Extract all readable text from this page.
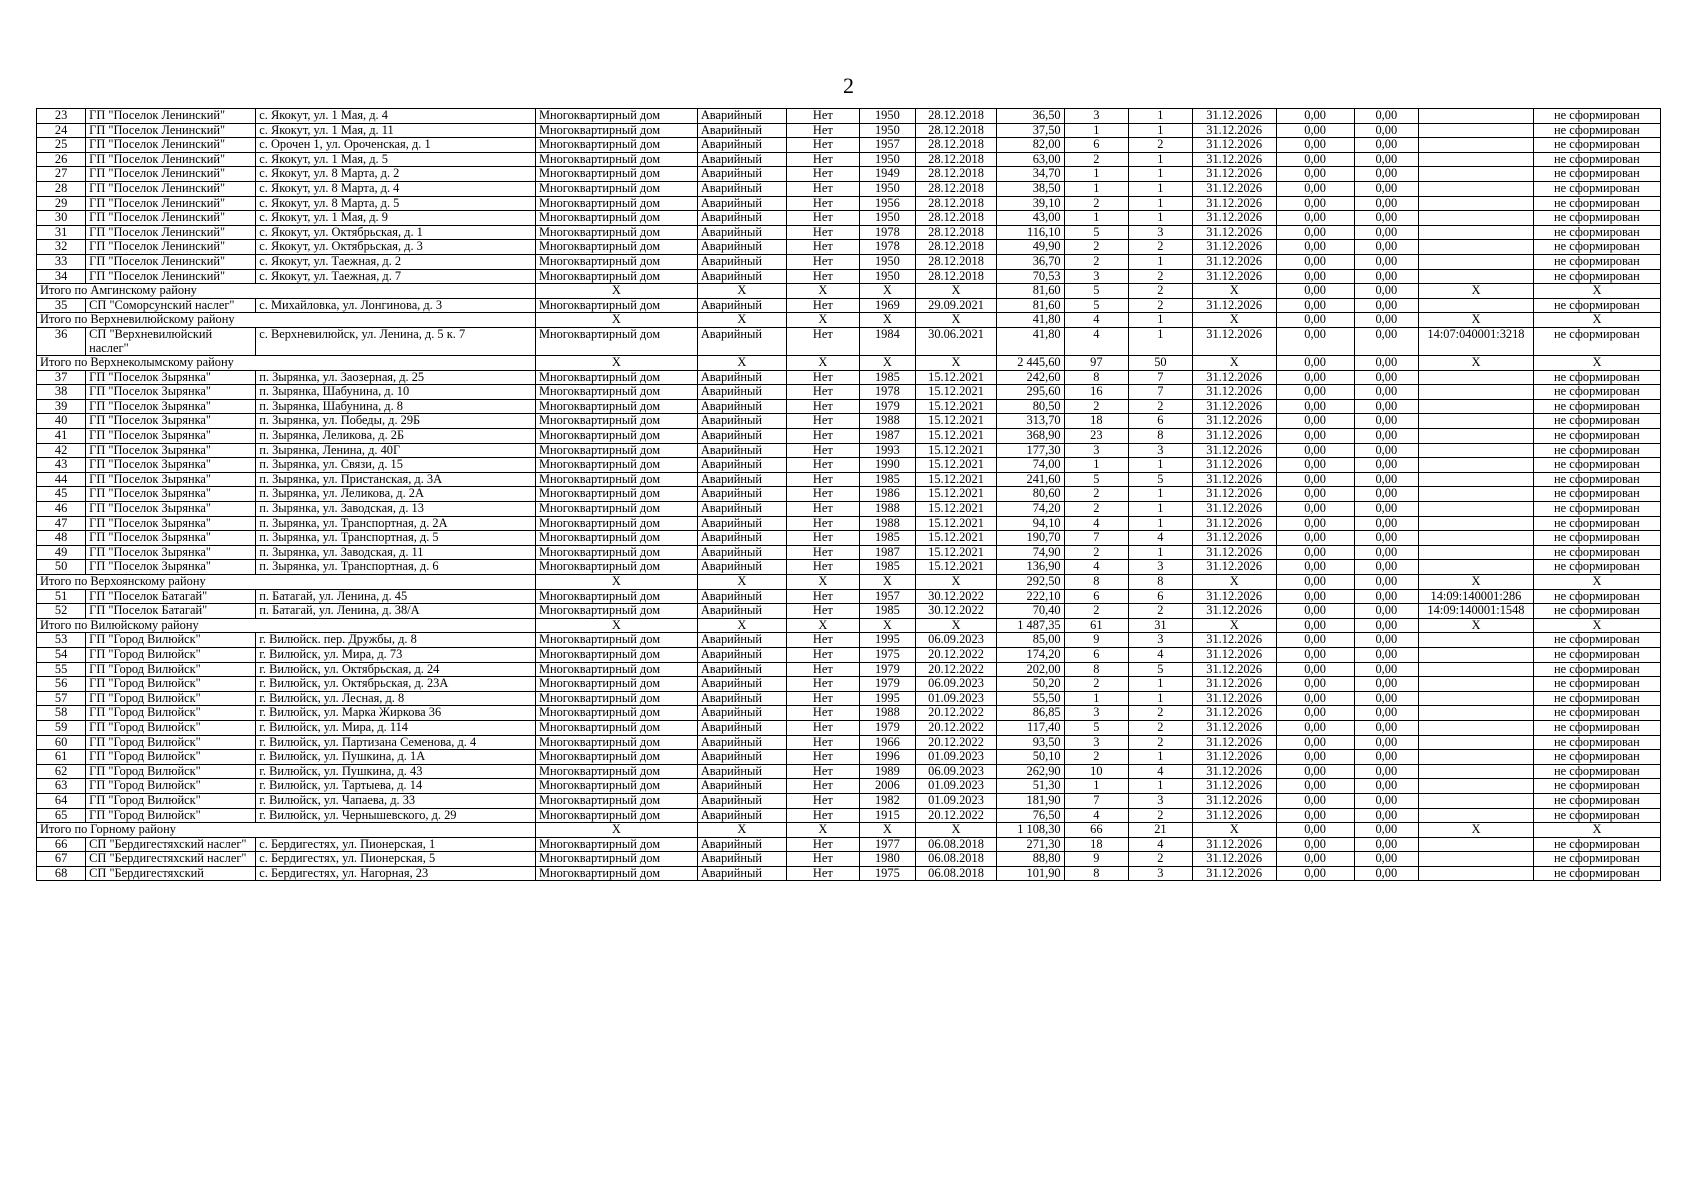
2
23	ГП "Поселок Ленинский"	с. Якокут, ул. 1 Мая, д. 4	Многоквартирный дом	Аварийный	Нет	1950	28.12.2018	36,50	3	1	31.12.2026	0,00	0,00		не сформирован
24	ГП "Поселок Ленинский"	с. Якокут, ул. 1 Мая, д. 11	Многоквартирный дом	Аварийный	Нет	1950	28.12.2018	37,50	1	1	31.12.2026	0,00	0,00		не сформирован
25	ГП "Поселок Ленинский"	с. Орочен 1, ул. Ороченская, д. 1	Многоквартирный дом	Аварийный	Нет	1957	28.12.2018	82,00	6	2	31.12.2026	0,00	0,00		не сформирован
26	ГП "Поселок Ленинский"	с. Якокут, ул. 1 Мая, д. 5	Многоквартирный дом	Аварийный	Нет	1950	28.12.2018	63,00	2	1	31.12.2026	0,00	0,00		не сформирован
27	ГП "Поселок Ленинский"	с. Якокут, ул. 8 Марта, д. 2	Многоквартирный дом	Аварийный	Нет	1949	28.12.2018	34,70	1	1	31.12.2026	0,00	0,00		не сформирован
28	ГП "Поселок Ленинский"	с. Якокут, ул. 8 Марта, д. 4	Многоквартирный дом	Аварийный	Нет	1950	28.12.2018	38,50	1	1	31.12.2026	0,00	0,00		не сформирован
29	ГП "Поселок Ленинский"	с. Якокут, ул. 8 Марта, д. 5	Многоквартирный дом	Аварийный	Нет	1956	28.12.2018	39,10	2	1	31.12.2026	0,00	0,00		не сформирован
30	ГП "Поселок Ленинский"	с. Якокут, ул. 1 Мая, д. 9	Многоквартирный дом	Аварийный	Нет	1950	28.12.2018	43,00	1	1	31.12.2026	0,00	0,00		не сформирован
31	ГП "Поселок Ленинский"	с. Якокут, ул. Октябрьская, д. 1	Многоквартирный дом	Аварийный	Нет	1978	28.12.2018	116,10	5	3	31.12.2026	0,00	0,00		не сформирован
32	ГП "Поселок Ленинский"	с. Якокут, ул. Октябрьская, д. 3	Многоквартирный дом	Аварийный	Нет	1978	28.12.2018	49,90	2	2	31.12.2026	0,00	0,00		не сформирован
33	ГП "Поселок Ленинский"	с. Якокут, ул. Таежная, д. 2	Многоквартирный дом	Аварийный	Нет	1950	28.12.2018	36,70	2	1	31.12.2026	0,00	0,00		не сформирован
34	ГП "Поселок Ленинский"	с. Якокут, ул. Таежная, д. 7	Многоквартирный дом	Аварийный	Нет	1950	28.12.2018	70,53	3	2	31.12.2026	0,00	0,00		не сформирован
Итого по Амгинскому району			X	X	X	X	X	81,60	5	2	X	0,00	0,00	X	X
35	СП "Соморсунский наслег"	с. Михайловка, ул. Лонгинова, д. 3	Многоквартирный дом	Аварийный	Нет	1969	29.09.2021	81,60	5	2	31.12.2026	0,00	0,00		не сформирован
Итого по Верхневилюйскому району			X	X	X	X	X	41,80	4	1	X	0,00	0,00	X	X
36	СП "Верхневилюйский наслег"	с. Верхневилюйск, ул. Ленина, д. 5 к. 7	Многоквартирный дом	Аварийный	Нет	1984	30.06.2021	41,80	4	1	31.12.2026	0,00	0,00	14:07:040001:3218	не сформирован
Итого по Верхнеколымскому району			X	X	X	X	X	2 445,60	97	50	X	0,00	0,00	X	X
37	ГП "Поселок Зырянка"	п. Зырянка, ул. Заозерная, д. 25	Многоквартирный дом	Аварийный	Нет	1985	15.12.2021	242,60	8	7	31.12.2026	0,00	0,00		не сформирован
38	ГП "Поселок Зырянка"	п. Зырянка, Шабунина, д. 10	Многоквартирный дом	Аварийный	Нет	1978	15.12.2021	295,60	16	7	31.12.2026	0,00	0,00		не сформирован
39	ГП "Поселок Зырянка"	п. Зырянка, Шабунина, д. 8	Многоквартирный дом	Аварийный	Нет	1979	15.12.2021	80,50	2	2	31.12.2026	0,00	0,00		не сформирован
40	ГП "Поселок Зырянка"	п. Зырянка, ул. Победы, д. 29Б	Многоквартирный дом	Аварийный	Нет	1988	15.12.2021	313,70	18	6	31.12.2026	0,00	0,00		не сформирован
41	ГП "Поселок Зырянка"	п. Зырянка, Леликова, д. 2Б	Многоквартирный дом	Аварийный	Нет	1987	15.12.2021	368,90	23	8	31.12.2026	0,00	0,00		не сформирован
42	ГП "Поселок Зырянка"	п. Зырянка, Ленина, д. 40Г	Многоквартирный дом	Аварийный	Нет	1993	15.12.2021	177,30	3	3	31.12.2026	0,00	0,00		не сформирован
43	ГП "Поселок Зырянка"	п. Зырянка, ул. Связи, д. 15	Многоквартирный дом	Аварийный	Нет	1990	15.12.2021	74,00	1	1	31.12.2026	0,00	0,00		не сформирован
44	ГП "Поселок Зырянка"	п. Зырянка, ул. Пристанская, д. 3А	Многоквартирный дом	Аварийный	Нет	1985	15.12.2021	241,60	5	5	31.12.2026	0,00	0,00		не сформирован
45	ГП "Поселок Зырянка"	п. Зырянка, ул. Леликова, д. 2А	Многоквартирный дом	Аварийный	Нет	1986	15.12.2021	80,60	2	1	31.12.2026	0,00	0,00		не сформирован
46	ГП "Поселок Зырянка"	п. Зырянка, ул. Заводская, д. 13	Многоквартирный дом	Аварийный	Нет	1988	15.12.2021	74,20	2	1	31.12.2026	0,00	0,00		не сформирован
47	ГП "Поселок Зырянка"	п. Зырянка, ул. Транспортная, д. 2А	Многоквартирный дом	Аварийный	Нет	1988	15.12.2021	94,10	4	1	31.12.2026	0,00	0,00		не сформирован
48	ГП "Поселок Зырянка"	п. Зырянка, ул. Транспортная, д. 5	Многоквартирный дом	Аварийный	Нет	1985	15.12.2021	190,70	7	4	31.12.2026	0,00	0,00		не сформирован
49	ГП "Поселок Зырянка"	п. Зырянка, ул. Заводская, д. 11	Многоквартирный дом	Аварийный	Нет	1987	15.12.2021	74,90	2	1	31.12.2026	0,00	0,00		не сформирован
50	ГП "Поселок Зырянка"	п. Зырянка, ул. Транспортная, д. 6	Многоквартирный дом	Аварийный	Нет	1985	15.12.2021	136,90	4	3	31.12.2026	0,00	0,00		не сформирован
Итого по Верхоянскому району			X	X	X	X	X	292,50	8	8	X	0,00	0,00	X	X
51	ГП "Поселок Батагай"	п. Батагай, ул. Ленина, д. 45	Многоквартирный дом	Аварийный	Нет	1957	30.12.2022	222,10	6	6	31.12.2026	0,00	0,00	14:09:140001:286	не сформирован
52	ГП "Поселок Батагай"	п. Батагай, ул. Ленина, д. 38/А	Многоквартирный дом	Аварийный	Нет	1985	30.12.2022	70,40	2	2	31.12.2026	0,00	0,00	14:09:140001:1548	не сформирован
Итого по Вилюйскому району			X	X	X	X	X	1 487,35	61	31	X	0,00	0,00	X	X
53	ГП "Город Вилюйск"	г. Вилюйск. пер. Дружбы, д. 8	Многоквартирный дом	Аварийный	Нет	1995	06.09.2023	85,00	9	3	31.12.2026	0,00	0,00		не сформирован
54	ГП "Город Вилюйск"	г. Вилюйск, ул. Мира, д. 73	Многоквартирный дом	Аварийный	Нет	1975	20.12.2022	174,20	6	4	31.12.2026	0,00	0,00		не сформирован
55	ГП "Город Вилюйск"	г. Вилюйск, ул. Октябрьская, д. 24	Многоквартирный дом	Аварийный	Нет	1979	20.12.2022	202,00	8	5	31.12.2026	0,00	0,00		не сформирован
56	ГП "Город Вилюйск"	г. Вилюйск, ул. Октябрьская, д. 23А	Многоквартирный дом	Аварийный	Нет	1979	06.09.2023	50,20	2	1	31.12.2026	0,00	0,00		не сформирован
57	ГП "Город Вилюйск"	г. Вилюйск, ул. Лесная, д. 8	Многоквартирный дом	Аварийный	Нет	1995	01.09.2023	55,50	1	1	31.12.2026	0,00	0,00		не сформирован
58	ГП "Город Вилюйск"	г. Вилюйск, ул. Марка Жиркова 36	Многоквартирный дом	Аварийный	Нет	1988	20.12.2022	86,85	3	2	31.12.2026	0,00	0,00		не сформирован
59	ГП "Город Вилюйск"	г. Вилюйск, ул. Мира, д. 114	Многоквартирный дом	Аварийный	Нет	1979	20.12.2022	117,40	5	2	31.12.2026	0,00	0,00		не сформирован
60	ГП "Город Вилюйск"	г. Вилюйск, ул. Партизана Семенова, д. 4	Многоквартирный дом	Аварийный	Нет	1966	20.12.2022	93,50	3	2	31.12.2026	0,00	0,00		не сформирован
61	ГП "Город Вилюйск"	г. Вилюйск, ул. Пушкина, д. 1А	Многоквартирный дом	Аварийный	Нет	1996	01.09.2023	50,10	2	1	31.12.2026	0,00	0,00		не сформирован
62	ГП "Город Вилюйск"	г. Вилюйск, ул. Пушкина, д. 43	Многоквартирный дом	Аварийный	Нет	1989	06.09.2023	262,90	10	4	31.12.2026	0,00	0,00		не сформирован
63	ГП "Город Вилюйск"	г. Вилюйск, ул. Тартыева, д. 14	Многоквартирный дом	Аварийный	Нет	2006	01.09.2023	51,30	1	1	31.12.2026	0,00	0,00		не сформирован
64	ГП "Город Вилюйск"	г. Вилюйск, ул. Чапаева, д. 33	Многоквартирный дом	Аварийный	Нет	1982	01.09.2023	181,90	7	3	31.12.2026	0,00	0,00		не сформирован
65	ГП "Город Вилюйск"	г. Вилюйск, ул. Чернышевского, д. 29	Многоквартирный дом	Аварийный	Нет	1915	20.12.2022	76,50	4	2	31.12.2026	0,00	0,00		не сформирован
Итого по Горному району			X	X	X	X	X	1 108,30	66	21	X	0,00	0,00	X	X
66	СП "Бердигестяхский наслег"	с. Бердигестях, ул. Пионерская, 1	Многоквартирный дом	Аварийный	Нет	1977	06.08.2018	271,30	18	4	31.12.2026	0,00	0,00		не сформирован
67	СП "Бердигестяхский наслег"	с. Бердигестях, ул. Пионерская, 5	Многоквартирный дом	Аварийный	Нет	1980	06.08.2018	88,80	9	2	31.12.2026	0,00	0,00		не сформирован
68	СП "Бердигестяхский	с. Бердигестях, ул. Нагорная, 23	Многоквартирный дом	Аварийный	Нет	1975	06.08.2018	101,90	8	3	31.12.2026	0,00	0,00		не сформирован
